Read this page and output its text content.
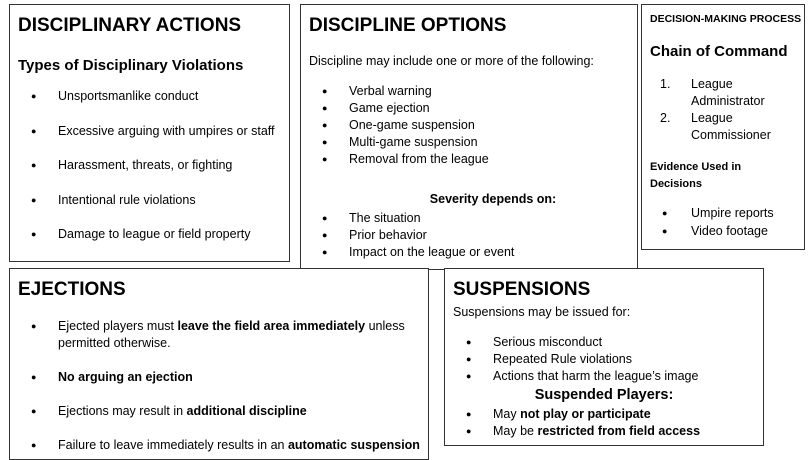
DISCIPLINARY ACTIONS
Types of Disciplinary Violations
● Unsportsmanlike conduct
● Excessive arguing with umpires or staff
● Harassment, threats, or fighting
● Intentional rule violations
● Damage to league or field property
DISCIPLINE OPTIONS
Discipline may include one or more of the following:
● Verbal warning
● Game ejection
● One-game suspension
● Multi-game suspension
● Removal from the league
Severity depends on:
● The situation
● Prior behavior
● Impact on the league or event
DECISION-MAKING PROCESS
Chain of Command
1. League Administrator
2. League Commissioner
Evidence Used in Decisions
● Umpire reports
● Video footage
EJECTIONS
● Ejected players must leave the field area immediately unless permitted otherwise.
● No arguing an ejection
● Ejections may result in additional discipline
● Failure to leave immediately results in an automatic suspension
SUSPENSIONS
Suspensions may be issued for:
● Serious misconduct
● Repeated Rule violations
● Actions that harm the league’s image
Suspended Players:
● May not play or participate
● May be restricted from field access
